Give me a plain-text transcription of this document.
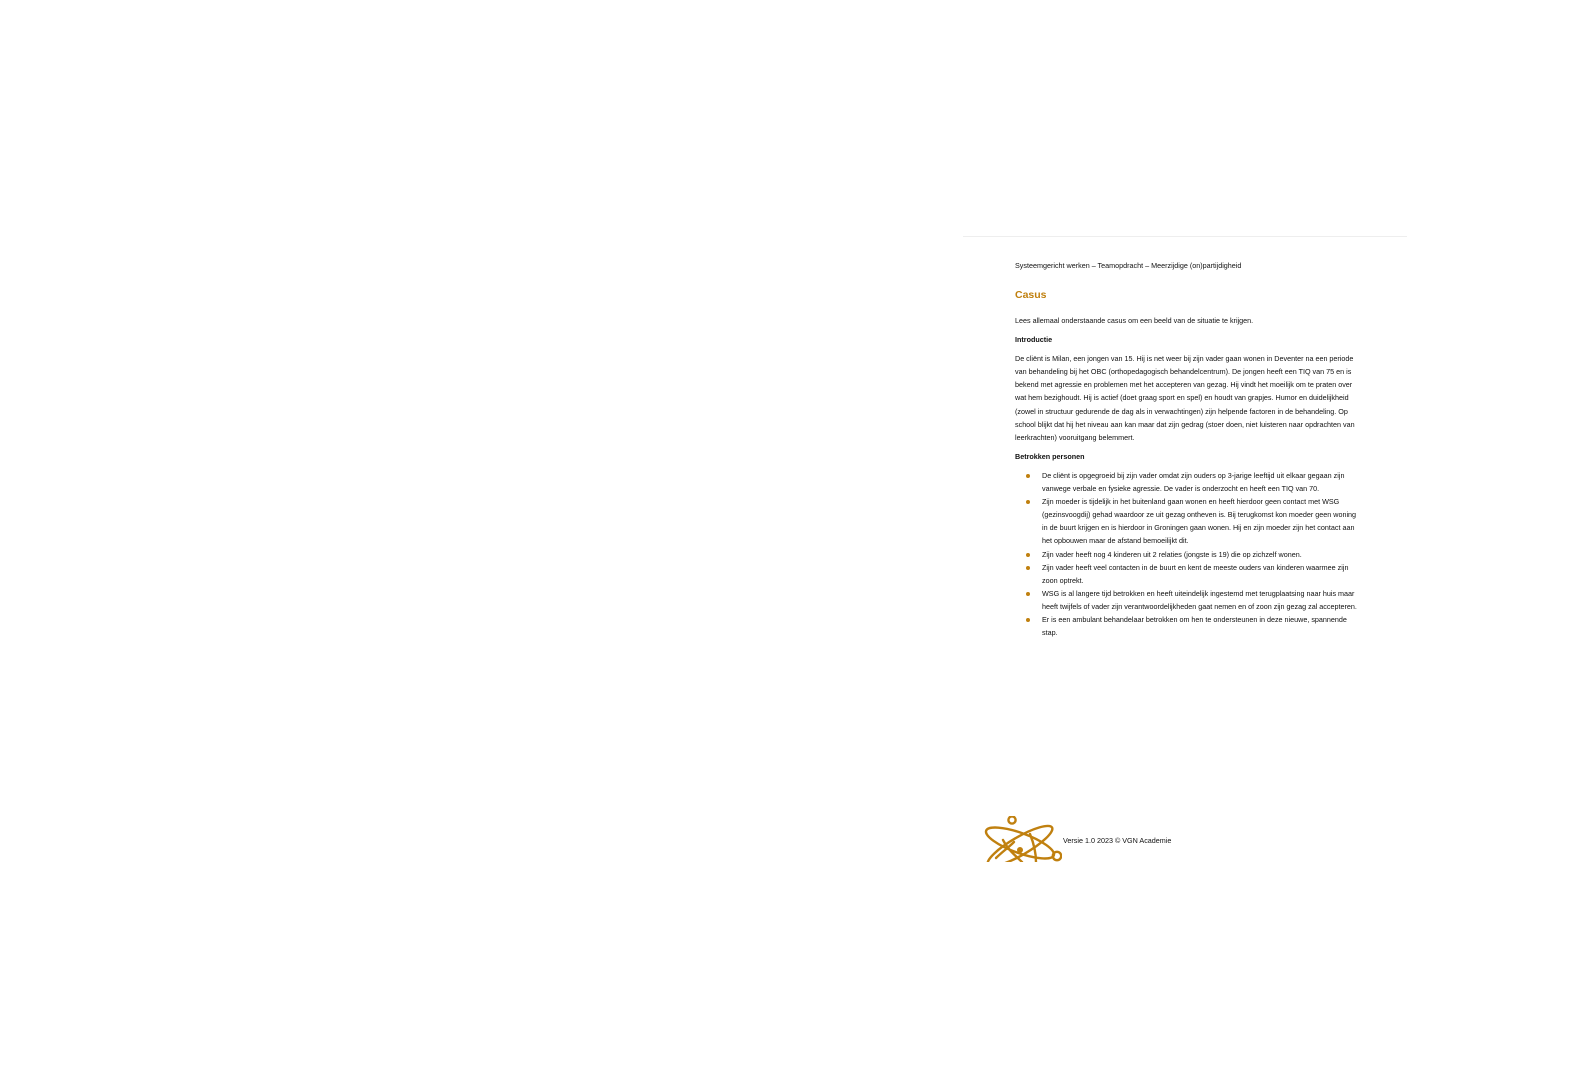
Systeemgericht werken – Teamopdracht – Meerzijdige (on)partijdigheid
Casus

Lees allemaal onderstaande casus om een beeld van de situatie te krijgen.

Introductie

De cliënt is Milan, een jongen van 15. Hij is net weer bij zijn vader gaan wonen in Deventer na een periode van behandeling bij het OBC (orthopedagogisch behandelcentrum). De jongen heeft een TIQ van 75 en is bekend met agressie en problemen met het accepteren van gezag. Hij vindt het moeilijk om te praten over wat hem bezighoudt. Hij is actief (doet graag sport en spel) en houdt van grapjes. Humor en duidelijkheid (zowel in structuur gedurende de dag als in verwachtingen) zijn helpende factoren in de behandeling. Op school blijkt dat hij het niveau aan kan maar dat zijn gedrag (stoer doen, niet luisteren naar opdrachten van leerkrachten) vooruitgang belemmert.

Betrokken personen

De cliënt is opgegroeid bij zijn vader omdat zijn ouders op 3-jarige leeftijd uit elkaar gegaan zijn vanwege verbale en fysieke agressie. De vader is onderzocht en heeft een TIQ van 70.
Zijn moeder is tijdelijk in het buitenland gaan wonen en heeft hierdoor geen contact met WSG (gezinsvoogdij) gehad waardoor ze uit gezag ontheven is. Bij terugkomst kon moeder geen woning in de buurt krijgen en is hierdoor in Groningen gaan wonen. Hij en zijn moeder zijn het contact aan het opbouwen maar de afstand bemoeilijkt dit.
Zijn vader heeft nog 4 kinderen uit 2 relaties (jongste is 19) die op zichzelf wonen.
Zijn vader heeft veel contacten in de buurt en kent de meeste ouders van kinderen waarmee zijn zoon optrekt.
WSG is al langere tijd betrokken en heeft uiteindelijk ingestemd met terugplaatsing naar huis maar heeft twijfels of vader zijn verantwoordelijkheden gaat nemen en of zoon zijn gezag zal accepteren.
Er is een ambulant behandelaar betrokken om hen te ondersteunen in deze nieuwe, spannende stap.
Versie 1.0 2023 © VGN Academie
